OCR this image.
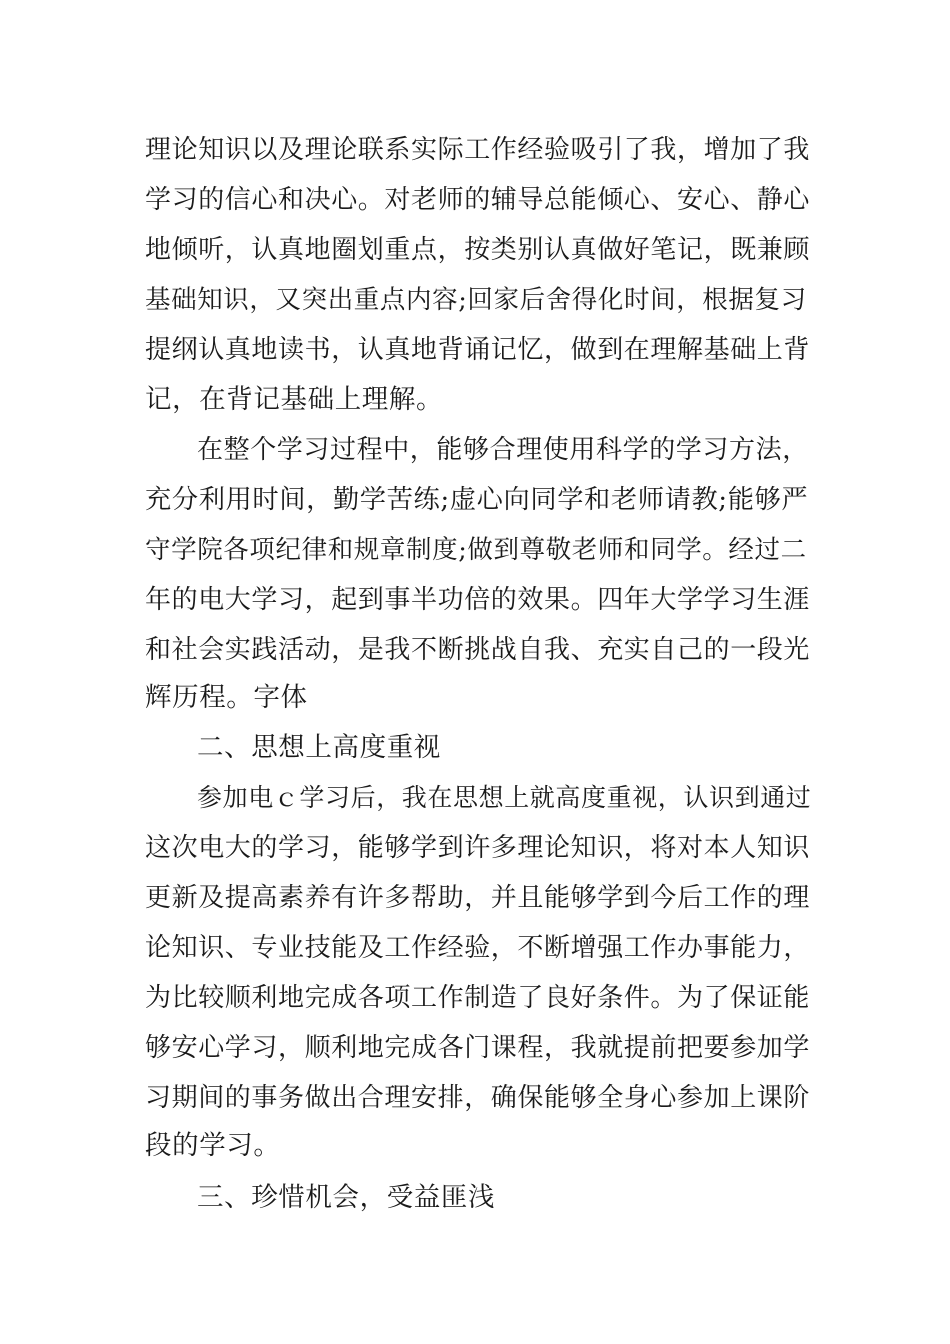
理论知识以及理论联系实际工作经验吸引了我，增加了我

学习的信心和决心。对老师的辅导总能倾心、安心、静心

地倾听，认真地圈划重点，按类别认真做好笔记，既兼顾

基础知识，又突出重点内容;回家后舍得化时间，根据复习

提纲认真地读书，认真地背诵记忆，做到在理解基础上背

记，在背记基础上理解。

在整个学习过程中，能够合理使用科学的学习方法，

充分利用时间，勤学苦练;虚心向同学和老师请教;能够严

守学院各项纪律和规章制度;做到尊敬老师和同学。经过二

年的电大学习，起到事半功倍的效果。四年大学学习生涯

和社会实践活动，是我不断挑战自我、充实自己的一段光

辉历程。字体

二、思想上高度重视

参加电ｃ学习后，我在思想上就高度重视，认识到通过

这次电大的学习，能够学到许多理论知识，将对本人知识

更新及提高素养有许多帮助，并且能够学到今后工作的理

论知识、专业技能及工作经验，不断增强工作办事能力，

为比较顺利地完成各项工作制造了良好条件。为了保证能

够安心学习，顺利地完成各门课程，我就提前把要参加学

习期间的事务做出合理安排，确保能够全身心参加上课阶

段的学习。

三、珍惜机会，受益匪浅
